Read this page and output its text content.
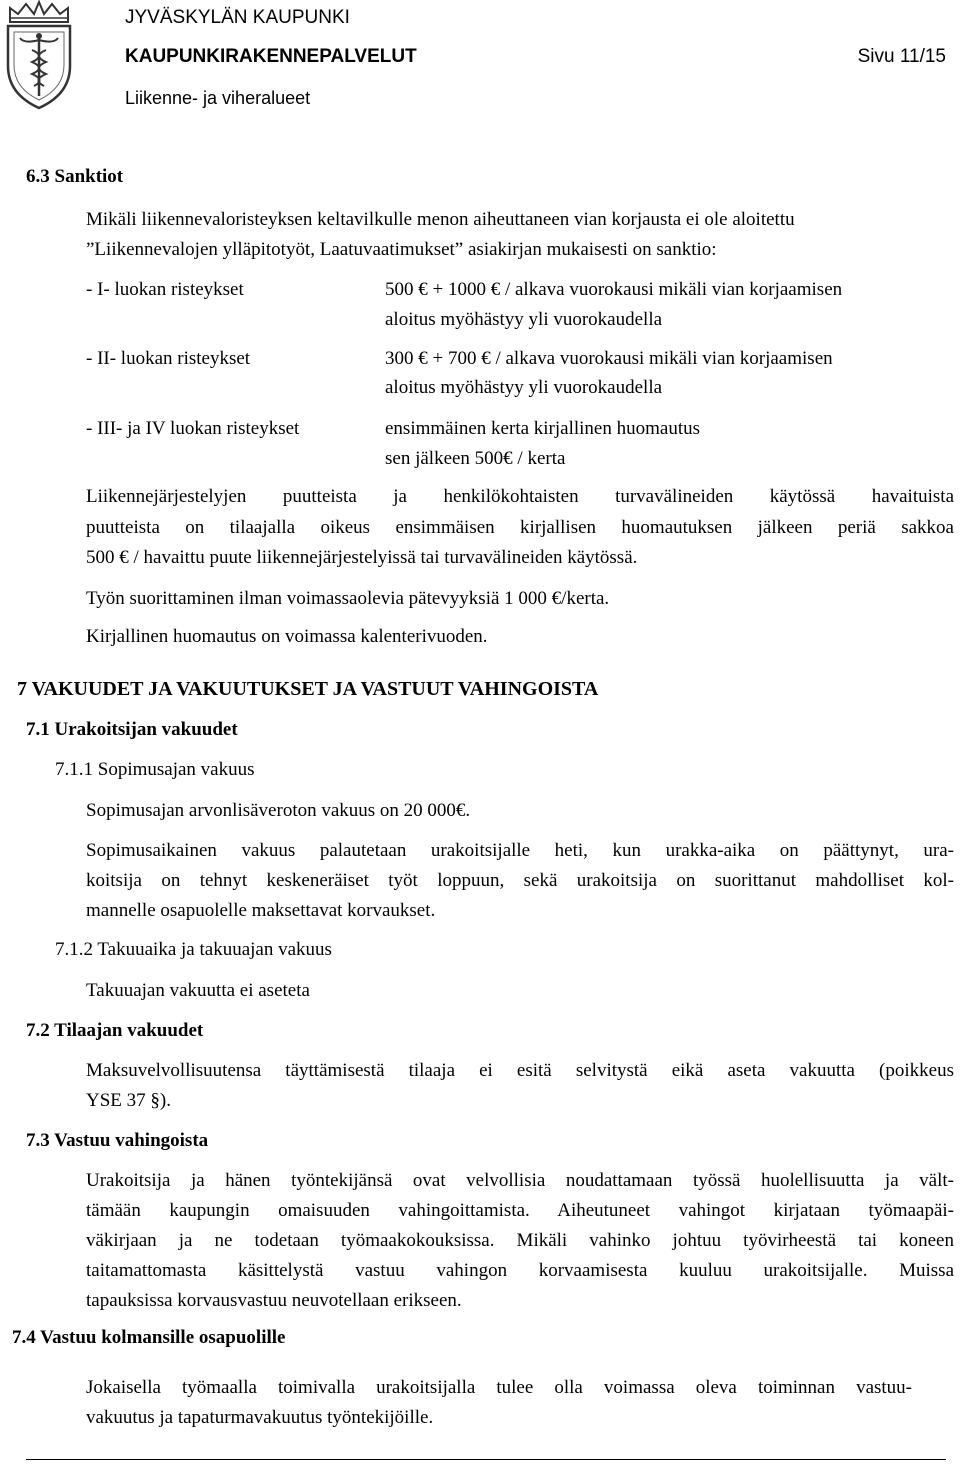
JYVÄSKYLÄN KAUPUNKI
KAUPUNKIRAKENNEPALVELUT
Liikenne- ja viheralueet
Sivu 11/15
6.3 Sanktiot
Mikäli liikennevaloristeyksen keltavilkulle menon aiheuttaneen vian korjausta ei ole aloitettu
”Liikennevalojen ylläpitotyöt, Laatuvaatimukset” asiakirjan mukaisesti on sanktio:
- I- luokan risteykset	500 € + 1000 € / alkava vuorokausi mikäli vian korjaamisen
aloitus myöhästyy yli vuorokaudella
- II- luokan risteykset	300 € + 700 € / alkava vuorokausi mikäli vian korjaamisen
aloitus myöhästyy yli vuorokaudella
- III- ja IV luokan risteykset	ensimmäinen kerta kirjallinen huomautus
sen jälkeen 500€ / kerta
Liikennejärjestelyjen puutteista ja henkilökohtaisten turvavälineiden käytössä havaituista
puutteista on tilaajalla oikeus ensimmäisen kirjallisen huomautuksen jälkeen periä sakkoa
500 € / havaittu puute liikennejärjestelyissä tai turvavälineiden käytössä.
Työn suorittaminen ilman voimassaolevia pätevyyksiä 1 000 €/kerta.
Kirjallinen huomautus on voimassa kalenterivuoden.
7 VAKUUDET JA VAKUUTUKSET JA VASTUUT VAHINGOISTA
7.1 Urakoitsijan vakuudet
7.1.1 Sopimusajan vakuus
Sopimusajan arvonlisäveroton vakuus on 20 000€.
Sopimusaikainen vakuus palautetaan urakoitsijalle heti, kun urakka-aika on päättynyt, ura-
koitsija on tehnyt keskeneräiset työt loppuun, sekä urakoitsija on suorittanut mahdolliset kol-
mannelle osapuolelle maksettavat korvaukset.
7.1.2 Takuuaika ja takuuajan vakuus
Takuuajan vakuutta ei aseteta
7.2 Tilaajan vakuudet
Maksuvelvollisuutensa täyttämisestä tilaaja ei esitä selvitystä eikä aseta vakuutta (poikkeus
YSE 37 §).
7.3 Vastuu vahingoista
Urakoitsija ja hänen työntekijänsä ovat velvollisia noudattamaan työssä huolellisuutta ja vält-
tämään kaupungin omaisuuden vahingoittamista. Aiheutuneet vahingot kirjataan työmaapäi-
väkirjaan ja ne todetaan työmaakokouksissa. Mikäli vahinko johtuu työvirheestä tai koneen
taitamattomasta käsittelystä vastuu vahingon korvaamisesta kuuluu urakoitsijalle. Muissa
tapauksissa korvausvastuu neuvotellaan erikseen.
7.4 Vastuu kolmansille osapuolille
Jokaisella työmaalla toimivalla urakoitsijalla tulee olla voimassa oleva toiminnan vastuu-
vakuutus ja tapaturmavakuutus työntekijöille.
